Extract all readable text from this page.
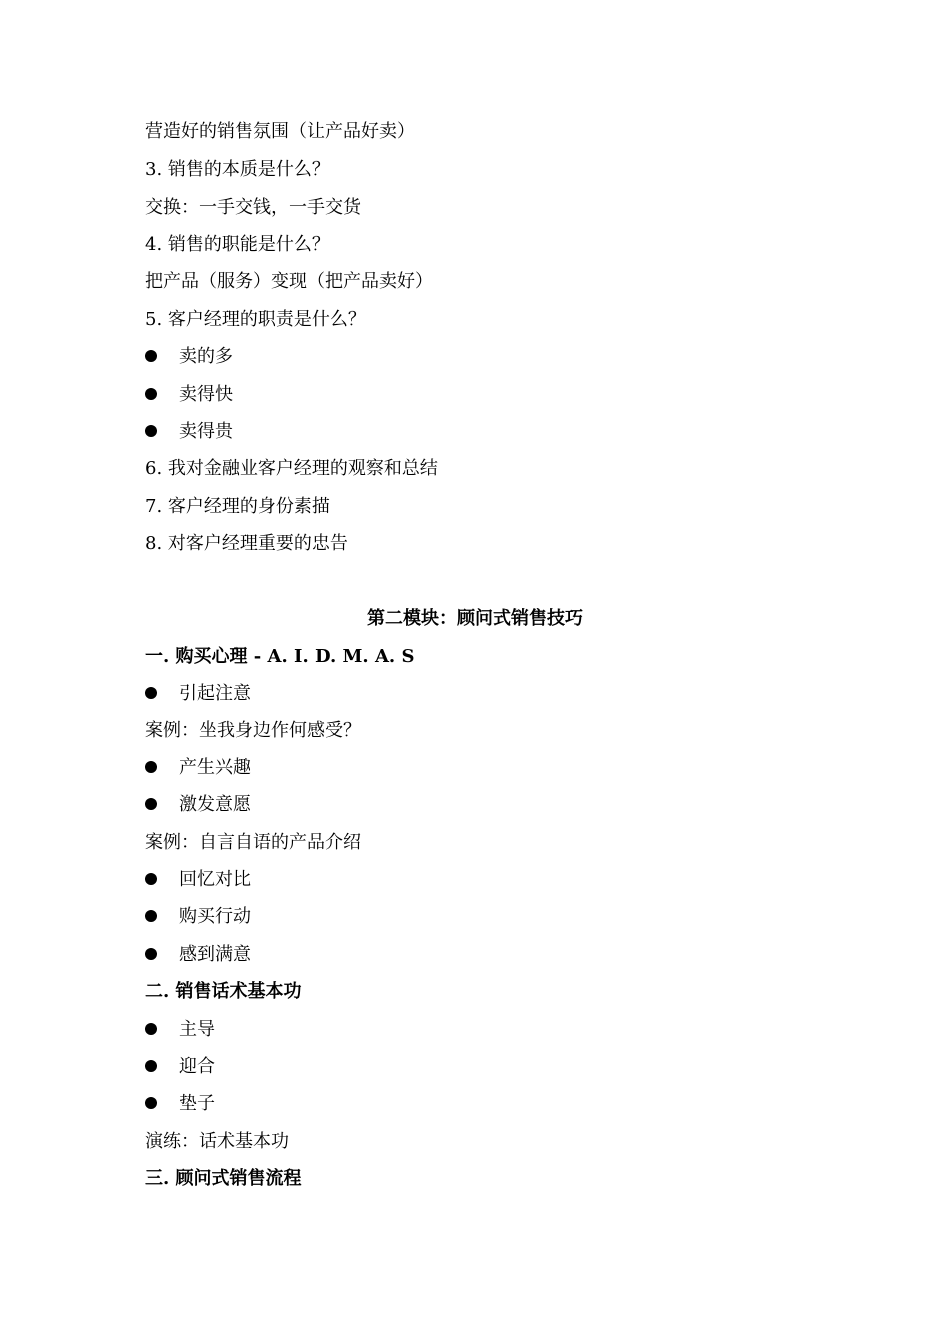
营造好的销售氛围（让产品好卖）
3. 销售的本质是什么？
交换：一手交钱，一手交货
4. 销售的职能是什么？
把产品（服务）变现（把产品卖好）
5. 客户经理的职责是什么？
卖的多
卖得快
卖得贵
6. 我对金融业客户经理的观察和总结
7. 客户经理的身份素描
8. 对客户经理重要的忠告
第二模块：顾问式销售技巧
一. 购买心理 - A. I. D. M. A. S
引起注意
案例：坐我身边作何感受？
产生兴趣
激发意愿
案例：自言自语的产品介绍
回忆对比
购买行动
感到满意
二. 销售话术基本功
主导
迎合
垫子
演练：话术基本功
三. 顾问式销售流程
